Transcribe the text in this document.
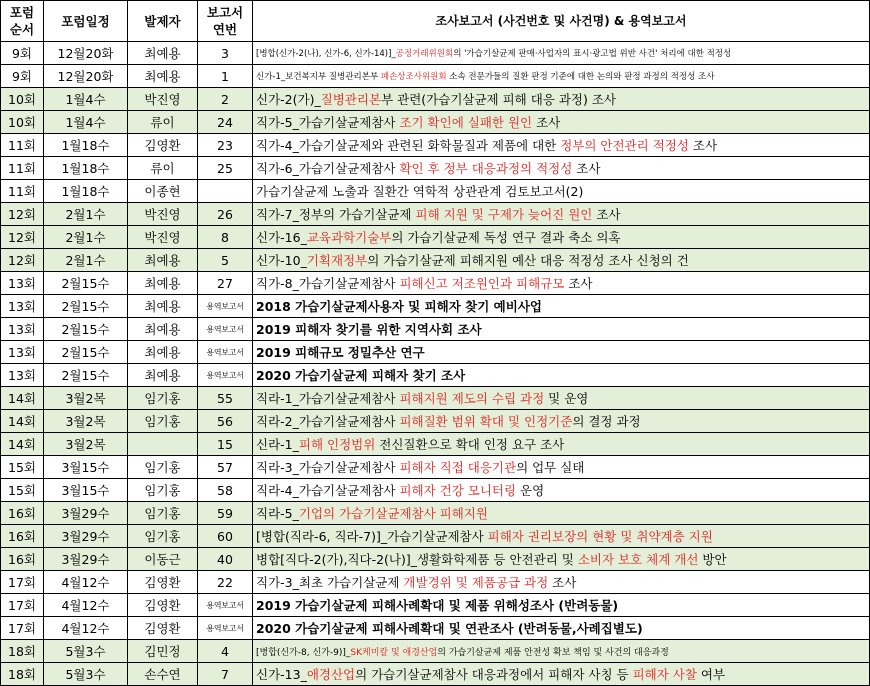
포럼순서	포럼일정	발제자	보고서연번	조사보고서 (사건번호 및 사건명) & 용역보고서
9회	12월20화	최예용	3	[병합(신가-2(나), 신가-6, 신가-14)]_공정거래위원회의 '가습기살균제 판매·사업자의 표시·광고법 위반 사건' 처리에 대한 적정성
9회	12월20화	최예용	1	신가-1_보건복지부 질병관리본부 폐손상조사위원회 소속 전문가들의 질환 판정 기준에 대한 논의와 판정 과정의 적정성 조사
10회	1월4수	박진영	2	신가-2(가)_질병관리본부 관련(가습기살균제 피해 대응 과정) 조사
10회	1월4수	류이	24	직가-5_가습기살균제참사 조기 확인에 실패한 원인 조사
11회	1월18수	김영환	23	직가-4_가습기살균제와 관련된 화학물질과 제품에 대한 정부의 안전관리 적정성 조사
11회	1월18수	류이	25	직가-6_가습기살균제참사 확인 후 정부 대응과정의 적정성 조사
11회	1월18수	이종현		가습기살균제 노출과 질환간 역학적 상관관계 검토보고서(2)
12회	2월1수	박진영	26	직가-7_정부의 가습기살균제 피해 지원 및 구제가 늦어진 원인 조사
12회	2월1수	박진영	8	신가-16_교육과학기술부의 가습기살균제 독성 연구 결과 축소 의혹
12회	2월1수	최예용	5	신가-10_기획재정부의 가습기살균제 피해지원 예산 대응 적정성 조사 신청의 건
13회	2월15수	최예용	27	직가-8_가습기살균제참사 피해신고 저조원인과 피해규모 조사
13회	2월15수	최예용	용역보고서	2018 가습기살균제사용자 및 피해자 찾기 예비사업
13회	2월15수	최예용	용역보고서	2019 피해자 찾기를 위한 지역사회 조사
13회	2월15수	최예용	용역보고서	2019 피해규모 정밀추산 연구
13회	2월15수	최예용	용역보고서	2020 가습기살균제 피해자 찾기 조사
14회	3월2목	임기홍	55	직라-1_가습기살균제참사 피해지원 제도의 수립 과정 및 운영
14회	3월2목	임기홍	56	직라-2_가습기살균제참사 피해질환 범위 확대 및 인정기준의 결정 과정
14회	3월2목		15	신라-1_피해 인정범위 전신질환으로 확대 인정 요구 조사
15회	3월15수	임기홍	57	직라-3_가습기살균제참사 피해자 직접 대응기관의 업무 실태
15회	3월15수	임기홍	58	직라-4_가습기살균제참사 피해자 건강 모니터링 운영
16회	3월29수	임기홍	59	직라-5_기업의 가습기살균제참사 피해지원
16회	3월29수	임기홍	60	[병합(직라-6, 직라-7)]_가습기살균제참사 피해자 권리보장의 현황 및 취약계층 지원
16회	3월29수	이동근	40	병합[직다-2(가),직다-2(나)]_생활화학제품 등 안전관리 및 소비자 보호 체계 개선 방안
17회	4월12수	김영환	22	직가-3_최초 가습기살균제 개발경위 및 제품공급 과정 조사
17회	4월12수	김영환	용역보고서	2019 가습기살균제 피해사례확대 및 제품 위해성조사 (반려동물)
17회	4월12수	김영환	용역보고서	2020 가습기살균제 피해사례확대 및 연관조사 (반려동물,사례집별도)
18회	5월3수	김민정	4	[병합(신가-8, 신가-9)]_SK케미칼 및 애경산업의 가습기살균제 제품 안전성 확보 책임 및 사건의 대응과정
18회	5월3수	손수연	7	신가-13_애경산업의 가습기살균제참사 대응과정에서 피해자 사칭 등 피해자 사찰 여부
